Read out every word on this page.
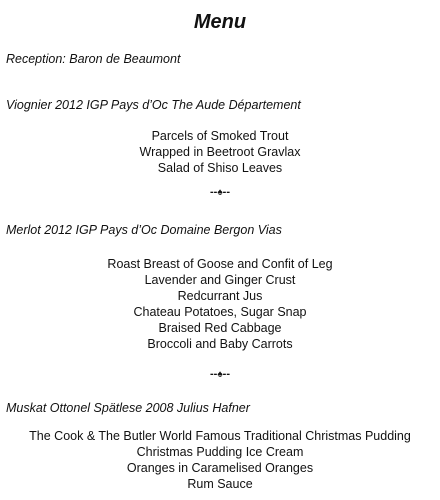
Menu
Reception: Baron de Beaumont
Viognier 2012 IGP Pays d’Oc The Aude Département
Parcels of Smoked Trout
Wrapped in Beetroot Gravlax
Salad of Shiso Leaves
--♠--
Merlot 2012 IGP Pays d’Oc Domaine Bergon Vias
Roast Breast of Goose and Confit of Leg
Lavender and Ginger Crust
Redcurrant Jus
Chateau Potatoes, Sugar Snap
Braised Red Cabbage
Broccoli and Baby Carrots
--♠--
Muskat Ottonel Spätlese 2008 Julius Hafner
The Cook & The Butler World Famous Traditional Christmas Pudding
Christmas Pudding Ice Cream
Oranges in Caramelised Oranges
Rum Sauce
